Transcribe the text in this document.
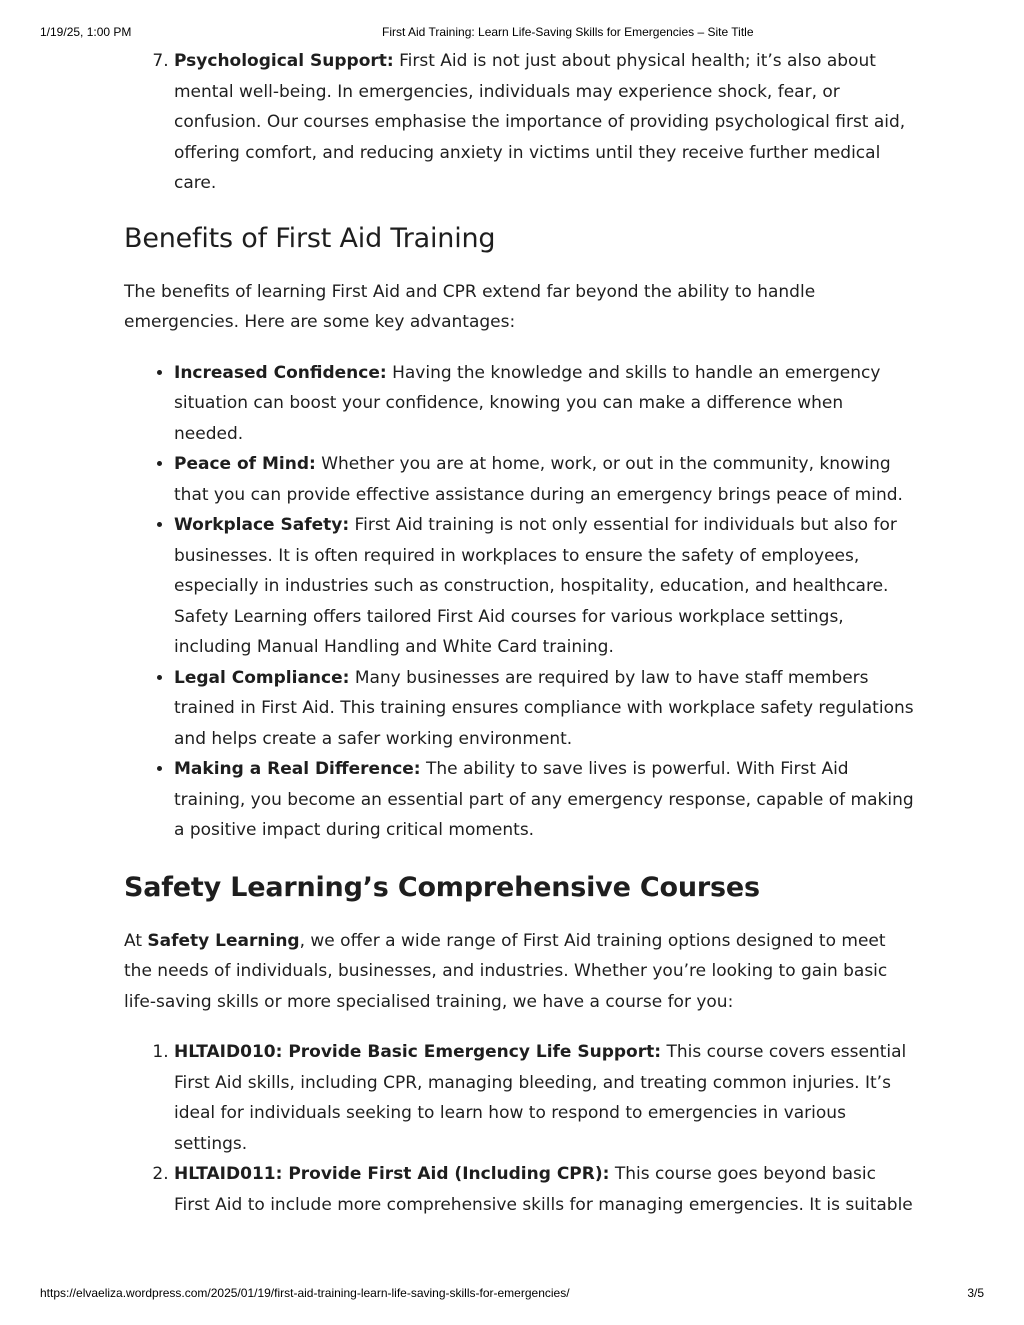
1/19/25, 1:00 PM	First Aid Training: Learn Life-Saving Skills for Emergencies – Site Title
7. Psychological Support: First Aid is not just about physical health; it’s also about mental well-being. In emergencies, individuals may experience shock, fear, or confusion. Our courses emphasise the importance of providing psychological first aid, offering comfort, and reducing anxiety in victims until they receive further medical care.
Benefits of First Aid Training

The benefits of learning First Aid and CPR extend far beyond the ability to handle emergencies. Here are some key advantages:

• Increased Confidence: Having the knowledge and skills to handle an emergency situation can boost your confidence, knowing you can make a difference when needed.
• Peace of Mind: Whether you are at home, work, or out in the community, knowing that you can provide effective assistance during an emergency brings peace of mind.
• Workplace Safety: First Aid training is not only essential for individuals but also for businesses. It is often required in workplaces to ensure the safety of employees, especially in industries such as construction, hospitality, education, and healthcare. Safety Learning offers tailored First Aid courses for various workplace settings, including Manual Handling and White Card training.
• Legal Compliance: Many businesses are required by law to have staff members trained in First Aid. This training ensures compliance with workplace safety regulations and helps create a safer working environment.
• Making a Real Difference: The ability to save lives is powerful. With First Aid training, you become an essential part of any emergency response, capable of making a positive impact during critical moments.
Safety Learning’s Comprehensive Courses

At Safety Learning, we offer a wide range of First Aid training options designed to meet the needs of individuals, businesses, and industries. Whether you’re looking to gain basic life-saving skills or more specialised training, we have a course for you:

1. HLTAID010: Provide Basic Emergency Life Support: This course covers essential First Aid skills, including CPR, managing bleeding, and treating common injuries. It’s ideal for individuals seeking to learn how to respond to emergencies in various settings.
2. HLTAID011: Provide First Aid (Including CPR): This course goes beyond basic First Aid to include more comprehensive skills for managing emergencies. It is suitable
https://elvaeliza.wordpress.com/2025/01/19/first-aid-training-learn-life-saving-skills-for-emergencies/	3/5
